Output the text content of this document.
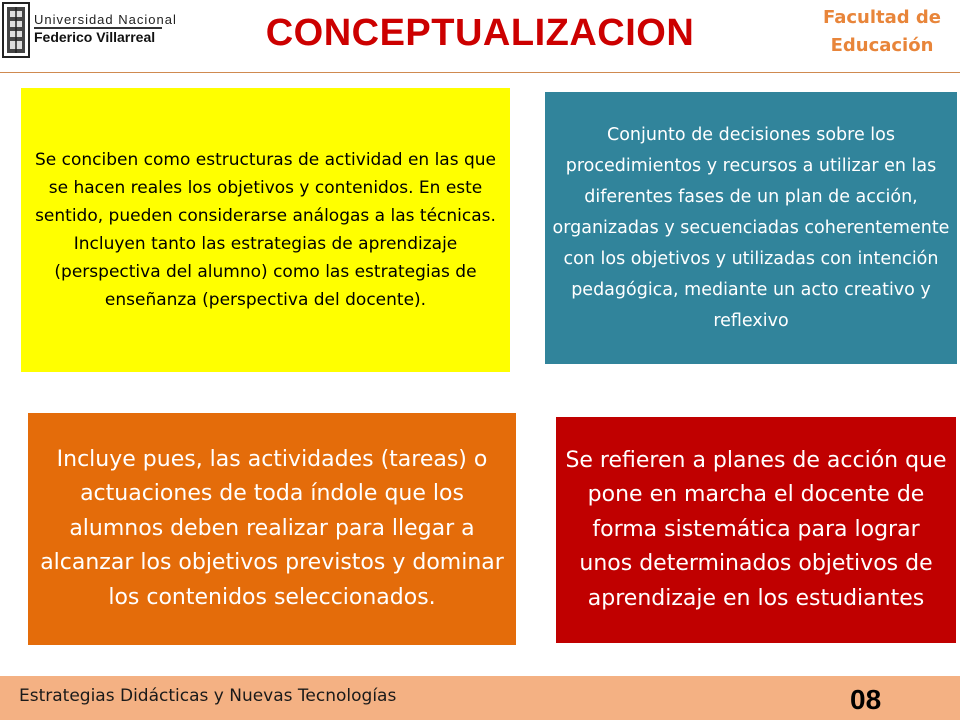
Universidad Nacional
Federico Villarreal	CONCEPTUALIZACION	Facultad de
Educación
Se conciben como estructuras de actividad en las que se hacen reales los objetivos y contenidos. En este sentido, pueden considerarse análogas a las técnicas. Incluyen tanto las estrategias de aprendizaje (perspectiva del alumno) como las estrategias de enseñanza (perspectiva del docente).
Conjunto de decisiones sobre los procedimientos y recursos a utilizar en las diferentes fases de un plan de acción, organizadas y secuenciadas coherentemente con los objetivos y utilizadas con intención pedagógica, mediante un acto creativo y reflexivo
Incluye pues, las actividades (tareas) o actuaciones de toda índole que los alumnos deben realizar para llegar a alcanzar los objetivos previstos y dominar los contenidos seleccionados.
Se refieren a planes de acción que pone en marcha el docente de forma sistemática para lograr unos determinados objetivos de aprendizaje en los estudiantes
Estrategias Didácticas y Nuevas Tecnologías	08
